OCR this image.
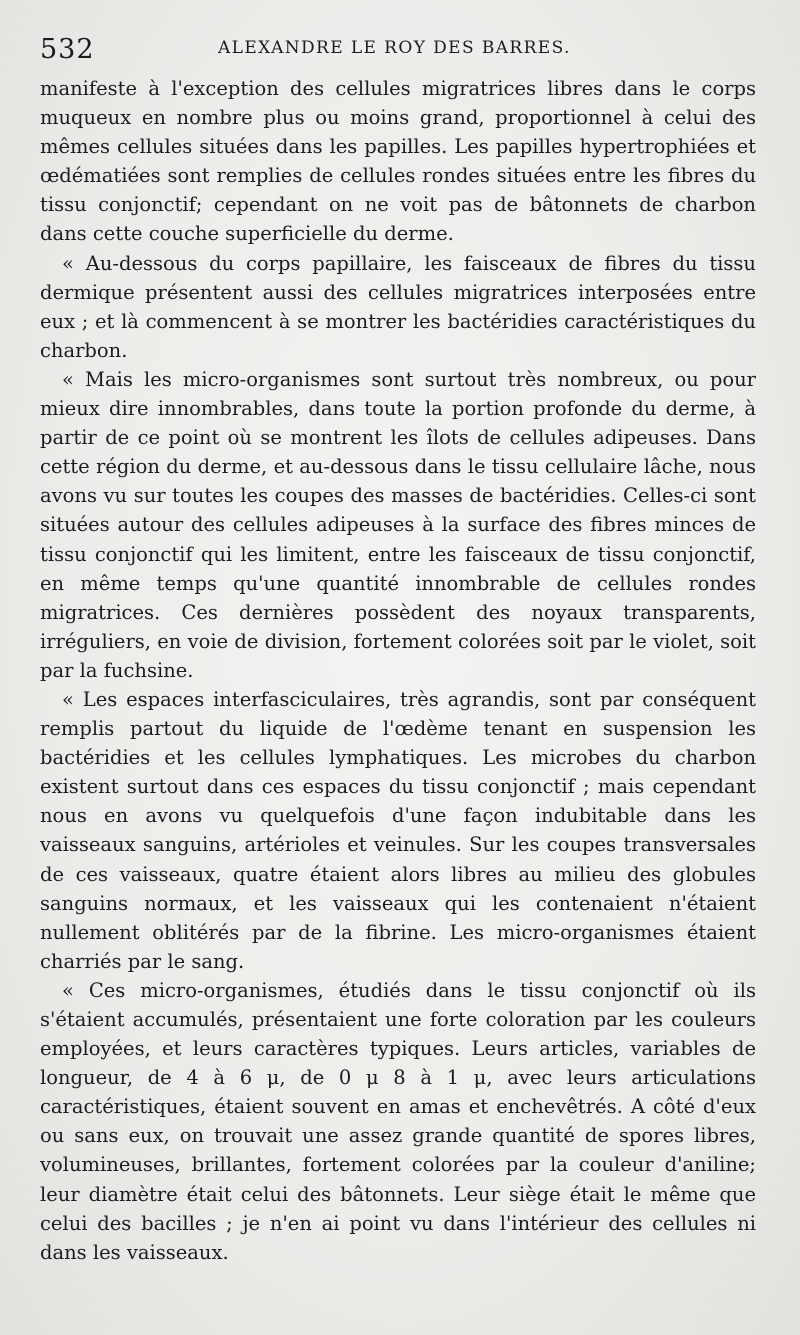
532	ALEXANDRE LE ROY DES BARRES.

manifeste à l'exception des cellules migratrices libres dans le corps muqueux en nombre plus ou moins grand, proportionnel à celui des mêmes cellules situées dans les papilles. Les papilles hypertrophiées et œdématiées sont remplies de cellules rondes situées entre les fibres du tissu conjonctif; cependant on ne voit pas de bâtonnets de charbon dans cette couche superficielle du derme.

« Au-dessous du corps papillaire, les faisceaux de fibres du tissu dermique présentent aussi des cellules migratrices interposées entre eux ; et là commencent à se montrer les bactéridies caractéristiques du charbon.

« Mais les micro-organismes sont surtout très nombreux, ou pour mieux dire innombrables, dans toute la portion profonde du derme, à partir de ce point où se montrent les îlots de cellules adipeuses. Dans cette région du derme, et au-dessous dans le tissu cellulaire lâche, nous avons vu sur toutes les coupes des masses de bactéridies. Celles-ci sont situées autour des cellules adipeuses à la surface des fibres minces de tissu conjonctif qui les limitent, entre les faisceaux de tissu conjonctif, en même temps qu'une quantité innombrable de cellules rondes migratrices. Ces dernières possèdent des noyaux transparents, irréguliers, en voie de division, fortement colorées soit par le violet, soit par la fuchsine.

« Les espaces interfasciculaires, très agrandis, sont par conséquent remplis partout du liquide de l'œdème tenant en suspension les bactéridies et les cellules lymphatiques. Les microbes du charbon existent surtout dans ces espaces du tissu conjonctif ; mais cependant nous en avons vu quelquefois d'une façon indubitable dans les vaisseaux sanguins, artérioles et veinules. Sur les coupes transversales de ces vaisseaux, quatre étaient alors libres au milieu des globules sanguins normaux, et les vaisseaux qui les contenaient n'étaient nullement oblitérés par de la fibrine. Les micro-organismes étaient charriés par le sang.

« Ces micro-organismes, étudiés dans le tissu conjonctif où ils s'étaient accumulés, présentaient une forte coloration par les couleurs employées, et leurs caractères typiques. Leurs articles, variables de longueur, de 4 à 6 μ, de 0 μ 8 à 1 μ, avec leurs articulations caractéristiques, étaient souvent en amas et enchevêtrés. A côté d'eux ou sans eux, on trouvait une assez grande quantité de spores libres, volumineuses, brillantes, fortement colorées par la couleur d'aniline; leur diamètre était celui des bâtonnets. Leur siège était le même que celui des bacilles ; je n'en ai point vu dans l'intérieur des cellules ni dans les vaisseaux.
